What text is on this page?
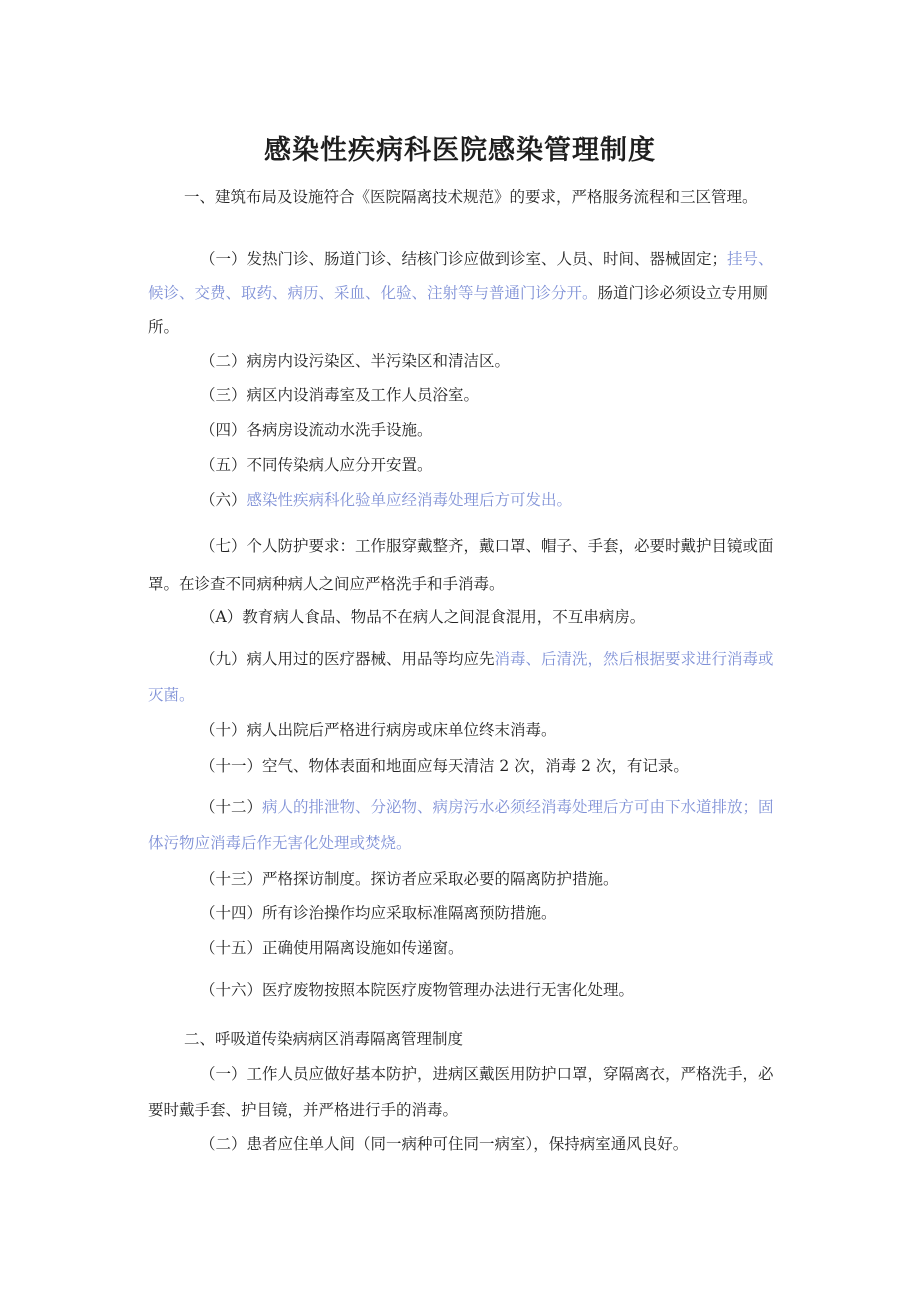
感染性疾病科医院感染管理制度

一、建筑布局及设施符合《医院隔离技术规范》的要求，严格服务流程和三区管理。

（一）发热门诊、肠道门诊、结核门诊应做到诊室、人员、时间、器械固定；挂号、候诊、交费、取药、病历、采血、化验、注射等与普通门诊分开。肠道门诊必须设立专用厕所。

（二）病房内设污染区、半污染区和清洁区。

（三）病区内设消毒室及工作人员浴室。

（四）各病房设流动水洗手设施。

（五）不同传染病人应分开安置。

（六）感染性疾病科化验单应经消毒处理后方可发出。

（七）个人防护要求：工作服穿戴整齐，戴口罩、帽子、手套，必要时戴护目镜或面罩。在诊查不同病种病人之间应严格洗手和手消毒。

（A）教育病人食品、物品不在病人之间混食混用，不互串病房。

（九）病人用过的医疗器械、用品等均应先消毒、后清洗，然后根据要求进行消毒或灭菌。

（十）病人出院后严格进行病房或床单位终末消毒。

（十一）空气、物体表面和地面应每天清洁 2 次，消毒 2 次，有记录。

（十二）病人的排泄物、分泌物、病房污水必须经消毒处理后方可由下水道排放；固体污物应消毒后作无害化处理或焚烧。

（十三）严格探访制度。探访者应采取必要的隔离防护措施。

（十四）所有诊治操作均应采取标准隔离预防措施。

（十五）正确使用隔离设施如传递窗。

（十六）医疗废物按照本院医疗废物管理办法进行无害化处理。

二、呼吸道传染病病区消毒隔离管理制度

（一）工作人员应做好基本防护，进病区戴医用防护口罩，穿隔离衣，严格洗手，必要时戴手套、护目镜，并严格进行手的消毒。

（二）患者应住单人间（同一病种可住同一病室），保持病室通风良好。
